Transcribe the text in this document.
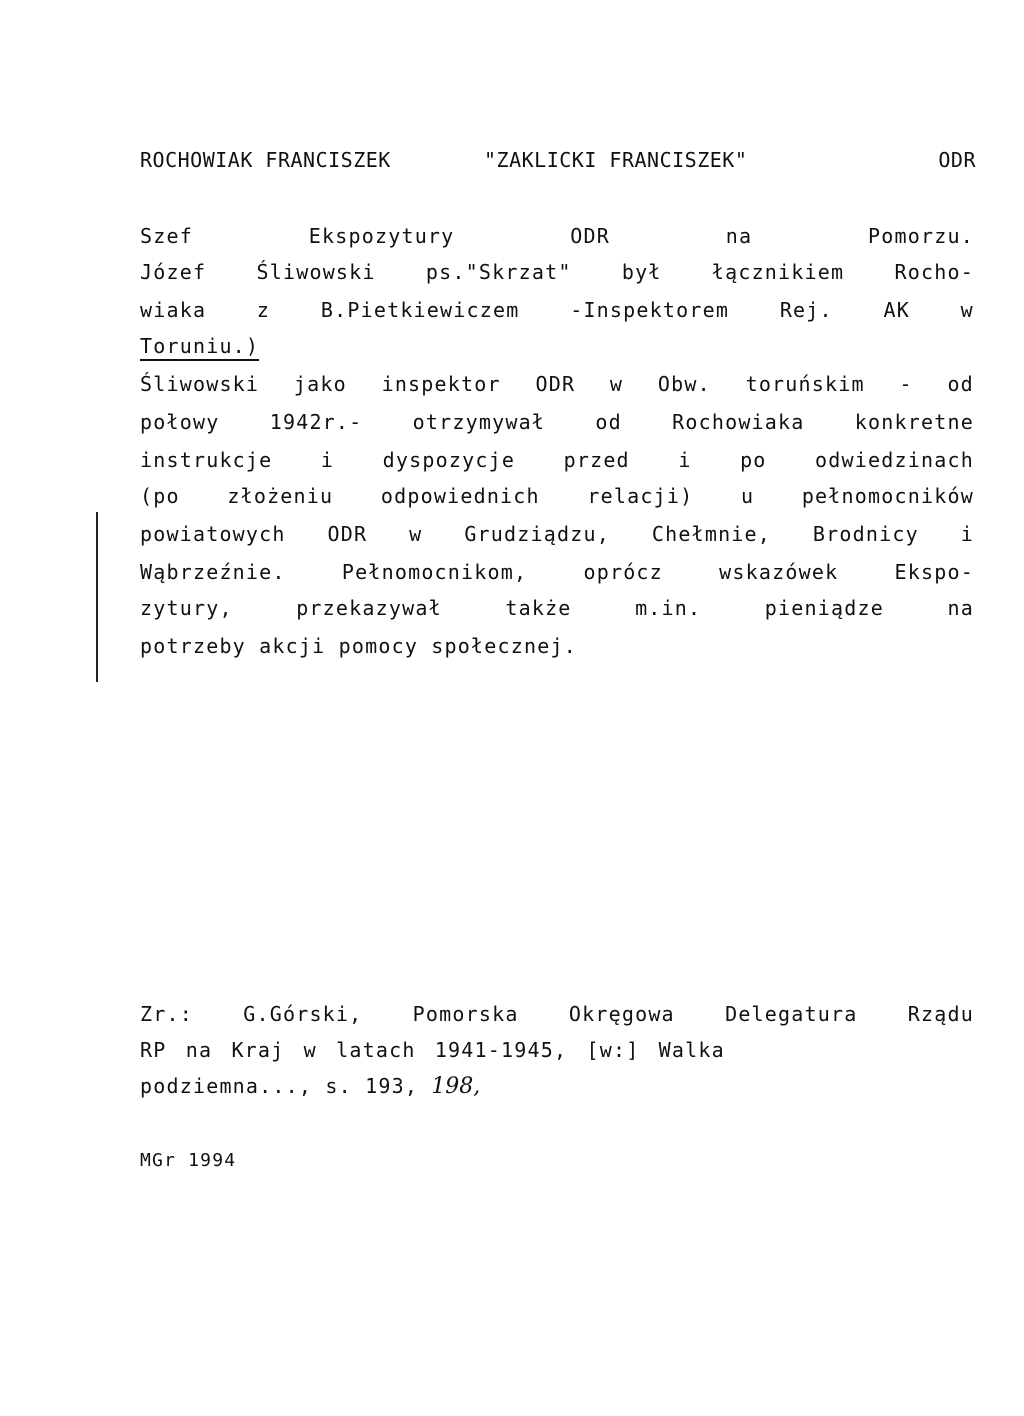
ROCHOWIAK FRANCISZEK	"ZAKLICKI FRANCISZEK"	ODR
Szef	Ekspozytury	ODR	na	Pomorzu.
Józef	Śliwowski	ps."Skrzat"	był	łącznikiem	Rocho-
wiaka	z	B.Pietkiewiczem	-Inspektorem	Rej.	AK	w
Toruniu.)
Śliwowski jako inspektor ODR w Obw. toruńskim - od
połowy	1942r.-	otrzymywał	od	Rochowiaka	konkretne
instrukcje i dyspozycje przed i po odwiedzinach
(po złożeniu odpowiednich relacji) u pełnomocników
powiatowych ODR w Grudziądzu, Chełmnie, Brodnicy i
Wąbrzeźnie.	Pełnomocnikom,	oprócz	wskazówek	Ekspo-
zytury,	przekazywał	także	m.in.	pieniądze	na
potrzeby akcji pomocy społecznej.
Zr.:	G.Górski,	Pomorska	Okręgowa	Delegatura	Rządu
RP na Kraj w latach 1941-1945, [w:] Walka
podziemna..., s. 193, 198,
MGr 1994
